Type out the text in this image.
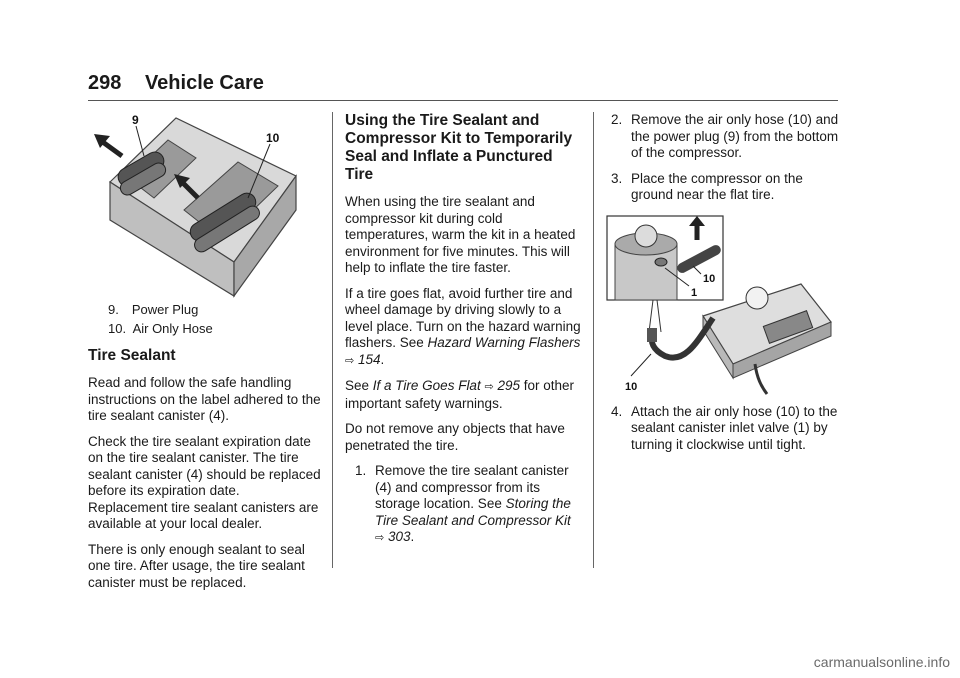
298 Vehicle Care
9
10

9. Power Plug

10. Air Only Hose

Tire Sealant

Read and follow the safe handling instructions on the label adhered to the tire sealant canister (4).

Check the tire sealant expiration date on the tire sealant canister. The tire sealant canister (4) should be replaced before its expiration date. Replacement tire sealant canisters are available at your local dealer.

There is only enough sealant to seal one tire. After usage, the tire sealant canister must be replaced.

Using the Tire Sealant and Compressor Kit to Temporarily Seal and Inflate a Punctured Tire

When using the tire sealant and compressor kit during cold temperatures, warm the kit in a heated environment for five minutes. This will help to inflate the tire faster.

If a tire goes flat, avoid further tire and wheel damage by driving slowly to a level place. Turn on the hazard warning flashers. See Hazard Warning Flashers ⇨ 154.

See If a Tire Goes Flat ⇨ 295 for other important safety warnings.

Do not remove any objects that have penetrated the tire.

1. Remove the tire sealant canister (4) and compressor from its storage location. See Storing the Tire Sealant and Compressor Kit ⇨ 303.

2. Remove the air only hose (10) and the power plug (9) from the bottom of the compressor.

3. Place the compressor on the ground near the flat tire.

10
1
10

4. Attach the air only hose (10) to the sealant canister inlet valve (1) by turning it clockwise until tight.

carmanualsonline.info
